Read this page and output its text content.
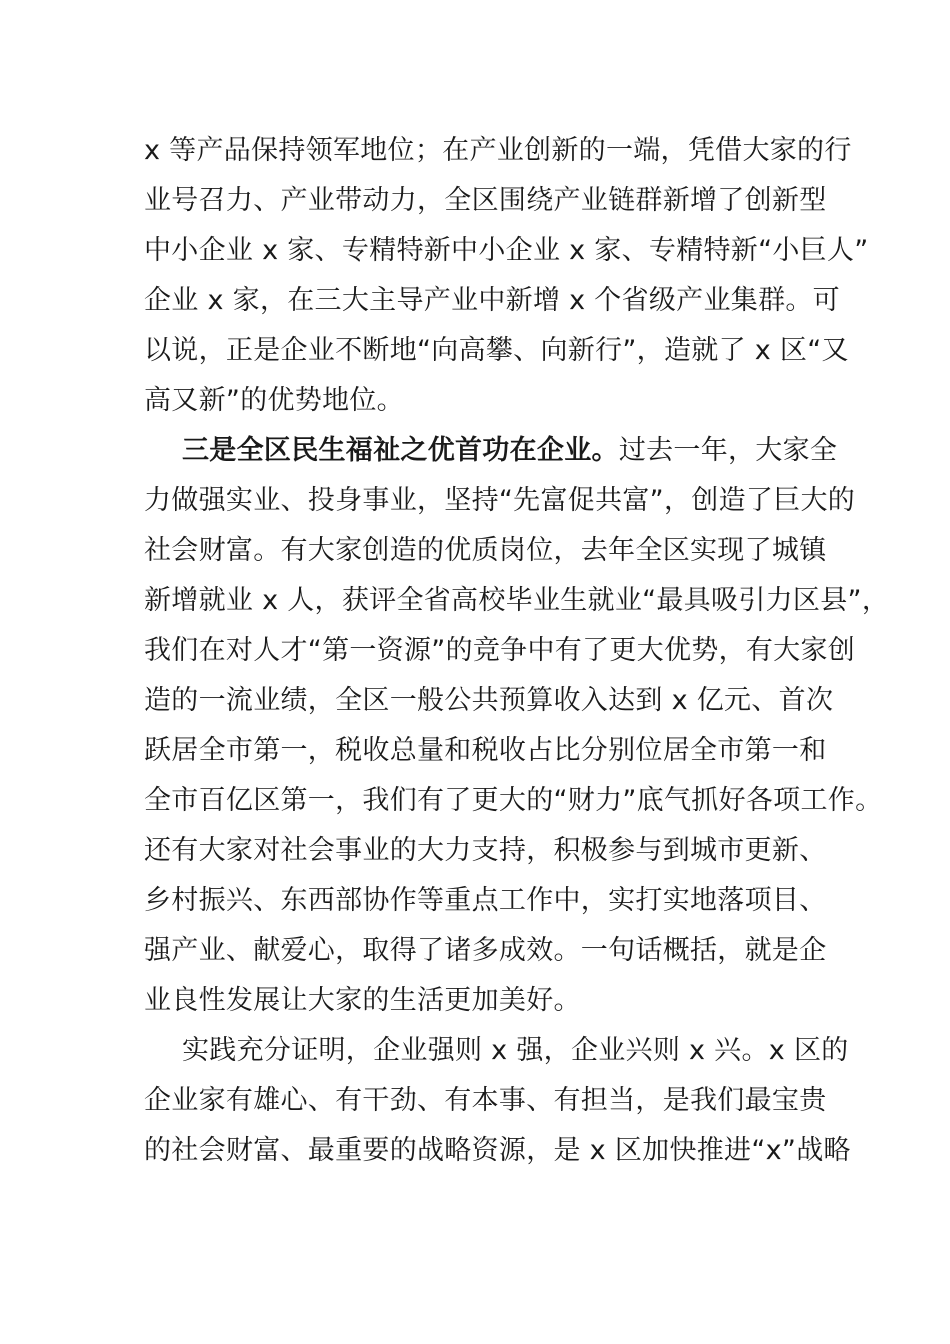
x 等产品保持领军地位；在产业创新的一端，凭借大家的行
业号召力、产业带动力，全区围绕产业链群新增了创新型
中小企业 x 家、专精特新中小企业 x 家、专精特新“小巨人”
企业 x 家，在三大主导产业中新增 x 个省级产业集群。可
以说，正是企业不断地“向高攀、向新行”，造就了 x 区“又
高又新”的优势地位。
三是全区民生福祉之优首功在企业。过去一年，大家全
力做强实业、投身事业，坚持“先富促共富”，创造了巨大的
社会财富。有大家创造的优质岗位，去年全区实现了城镇
新增就业 x 人，获评全省高校毕业生就业“最具吸引力区县”，
我们在对人才“第一资源”的竞争中有了更大优势，有大家创
造的一流业绩，全区一般公共预算收入达到 x 亿元、首次
跃居全市第一，税收总量和税收占比分别位居全市第一和
全市百亿区第一，我们有了更大的“财力”底气抓好各项工作。
还有大家对社会事业的大力支持，积极参与到城市更新、
乡村振兴、东西部协作等重点工作中，实打实地落项目、
强产业、献爱心，取得了诸多成效。一句话概括，就是企
业良性发展让大家的生活更加美好。
实践充分证明，企业强则 x 强，企业兴则 x 兴。x 区的
企业家有雄心、有干劲、有本事、有担当，是我们最宝贵
的社会财富、最重要的战略资源，是 x 区加快推进“x”战略
